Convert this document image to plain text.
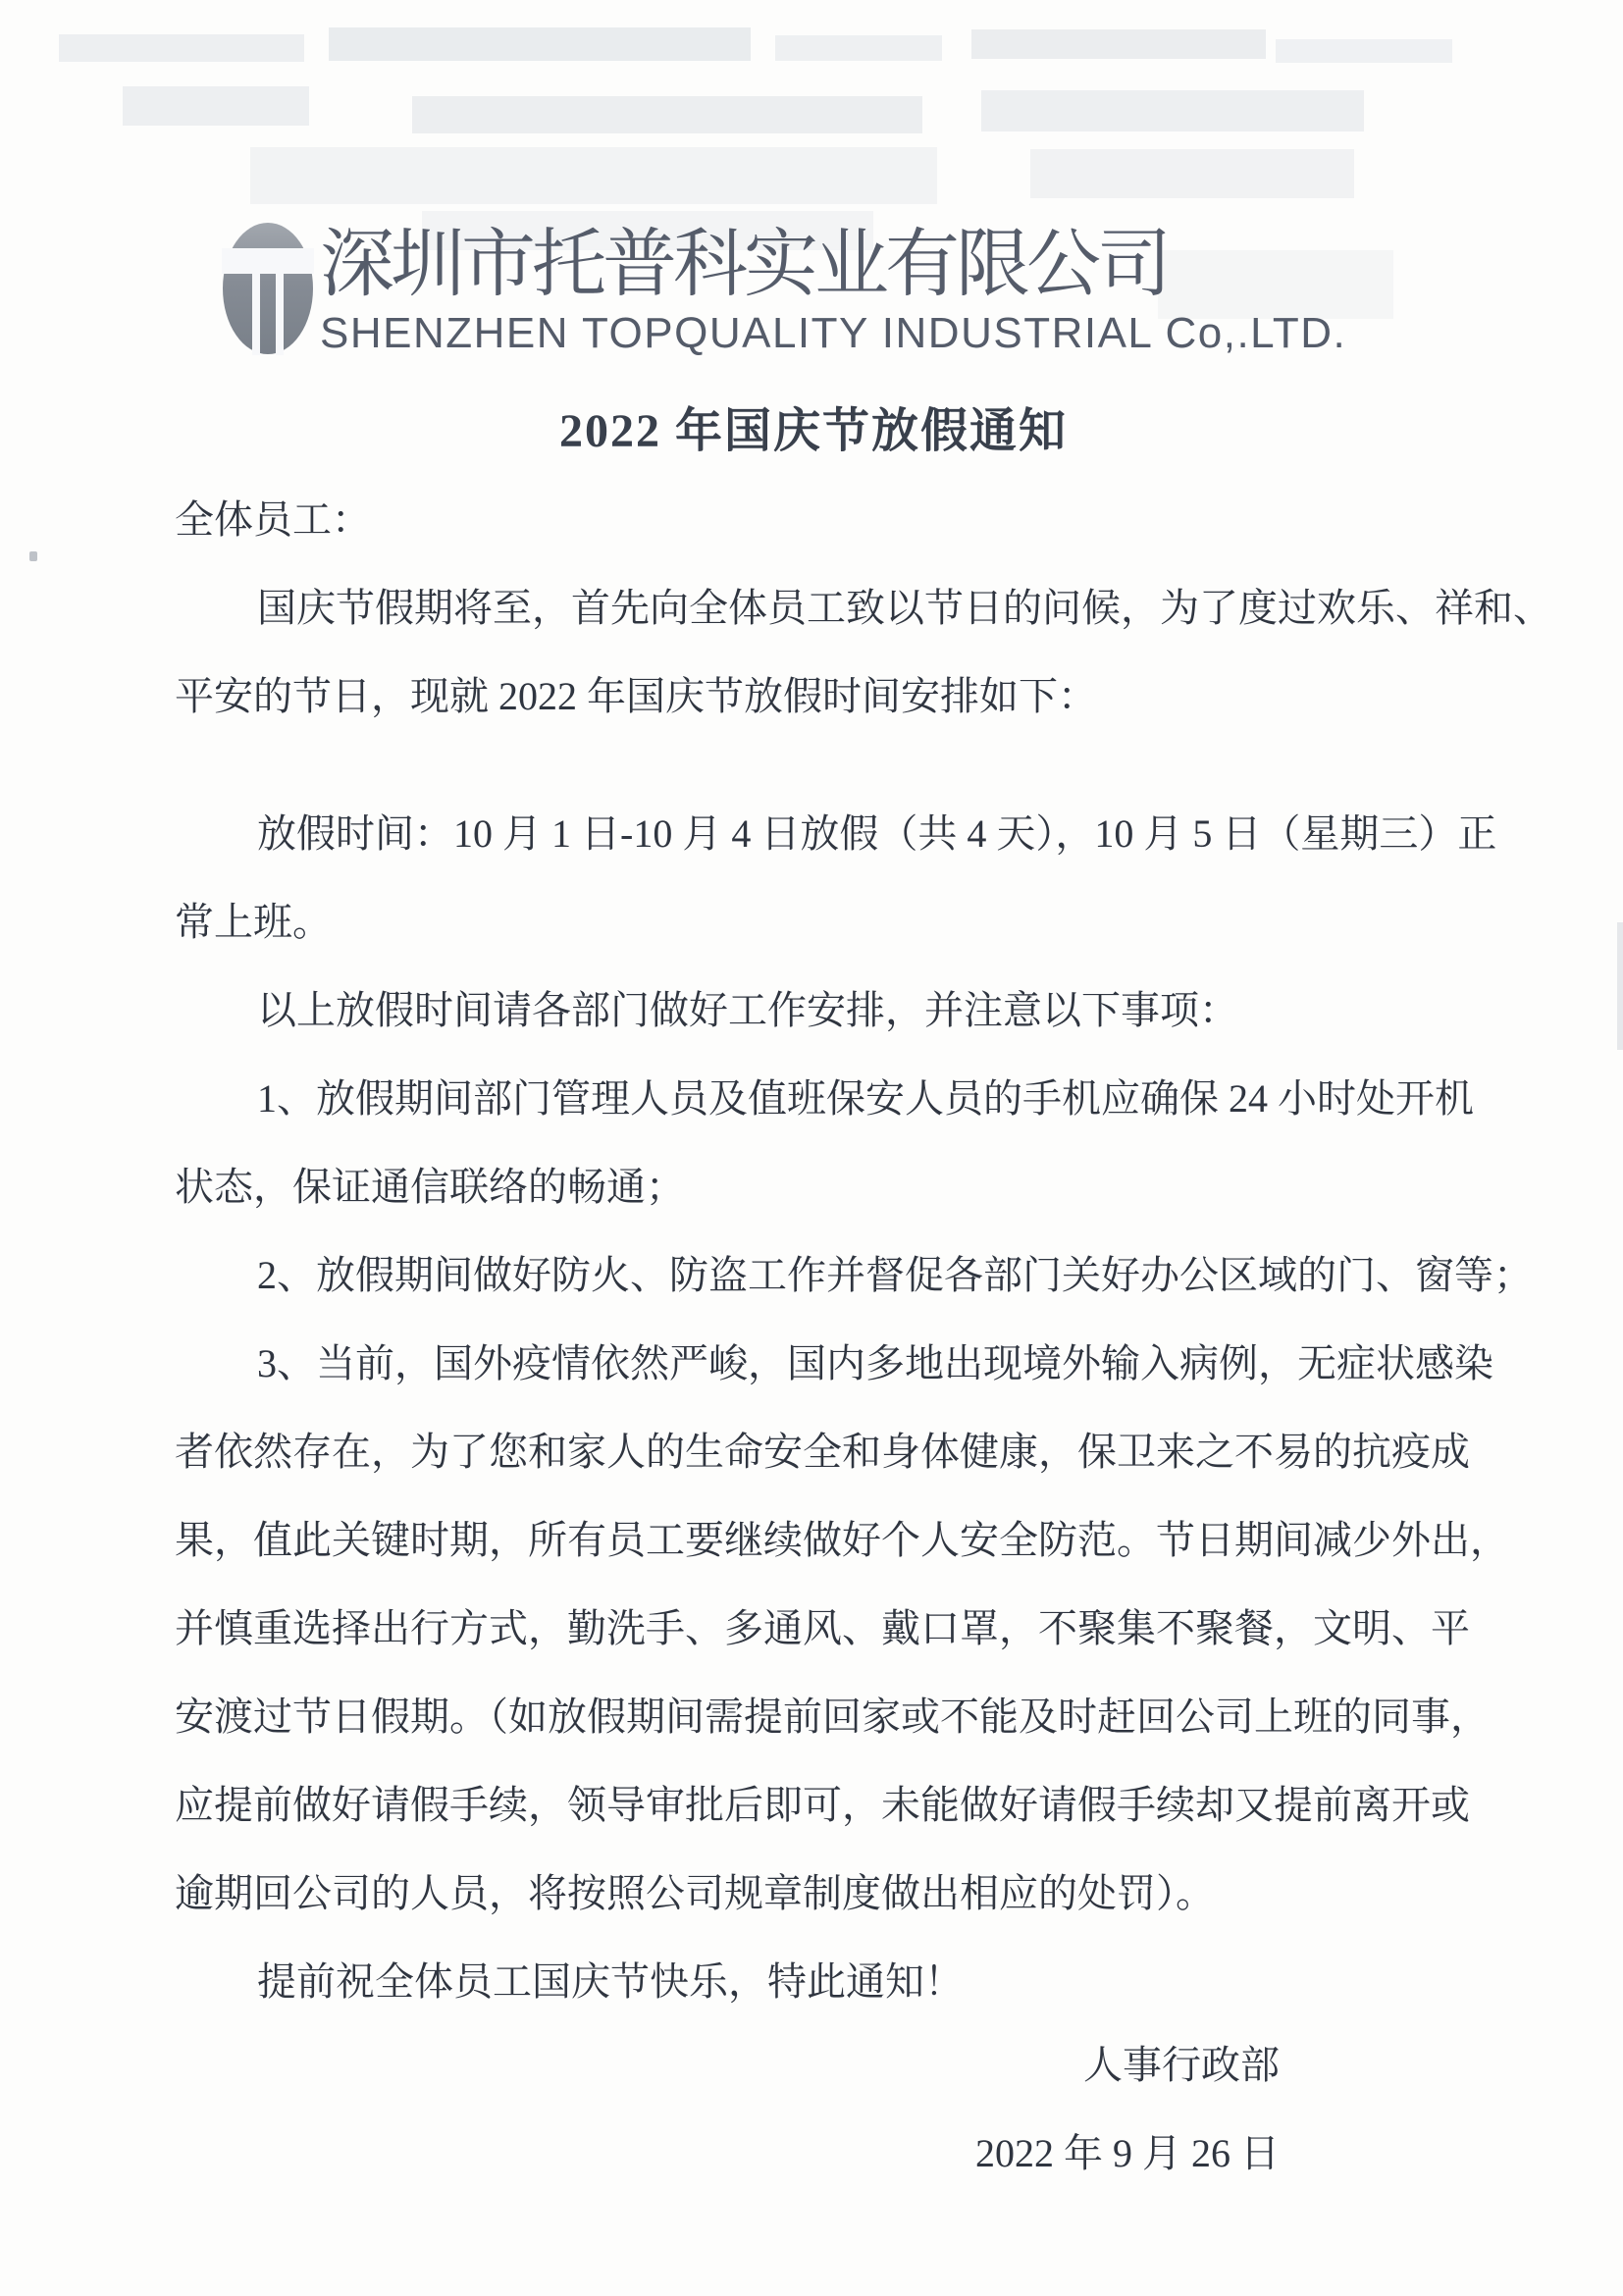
深圳市托普科实业有限公司
SHENZHEN TOPQUALITY INDUSTRIAL Co,.LTD.
2022 年国庆节放假通知

全体员工：

国庆节假期将至，首先向全体员工致以节日的问候，为了度过欢乐、祥和、

平安的节日，现就 2022 年国庆节放假时间安排如下：

放假时间：10 月 1 日-10 月 4 日放假（共 4 天），10 月 5 日（星期三）正

常上班。

以上放假时间请各部门做好工作安排，并注意以下事项：

1、放假期间部门管理人员及值班保安人员的手机应确保 24 小时处开机

状态，保证通信联络的畅通；

2、放假期间做好防火、防盗工作并督促各部门关好办公区域的门、窗等；

3、当前，国外疫情依然严峻，国内多地出现境外输入病例，无症状感染

者依然存在，为了您和家人的生命安全和身体健康，保卫来之不易的抗疫成

果，值此关键时期，所有员工要继续做好个人安全防范。节日期间减少外出，

并慎重选择出行方式，勤洗手、多通风、戴口罩，不聚集不聚餐，文明、平

安渡过节日假期。（如放假期间需提前回家或不能及时赶回公司上班的同事，

应提前做好请假手续，领导审批后即可，未能做好请假手续却又提前离开或

逾期回公司的人员，将按照公司规章制度做出相应的处罚）。

提前祝全体员工国庆节快乐，特此通知！

人事行政部
2022 年 9 月 26 日
